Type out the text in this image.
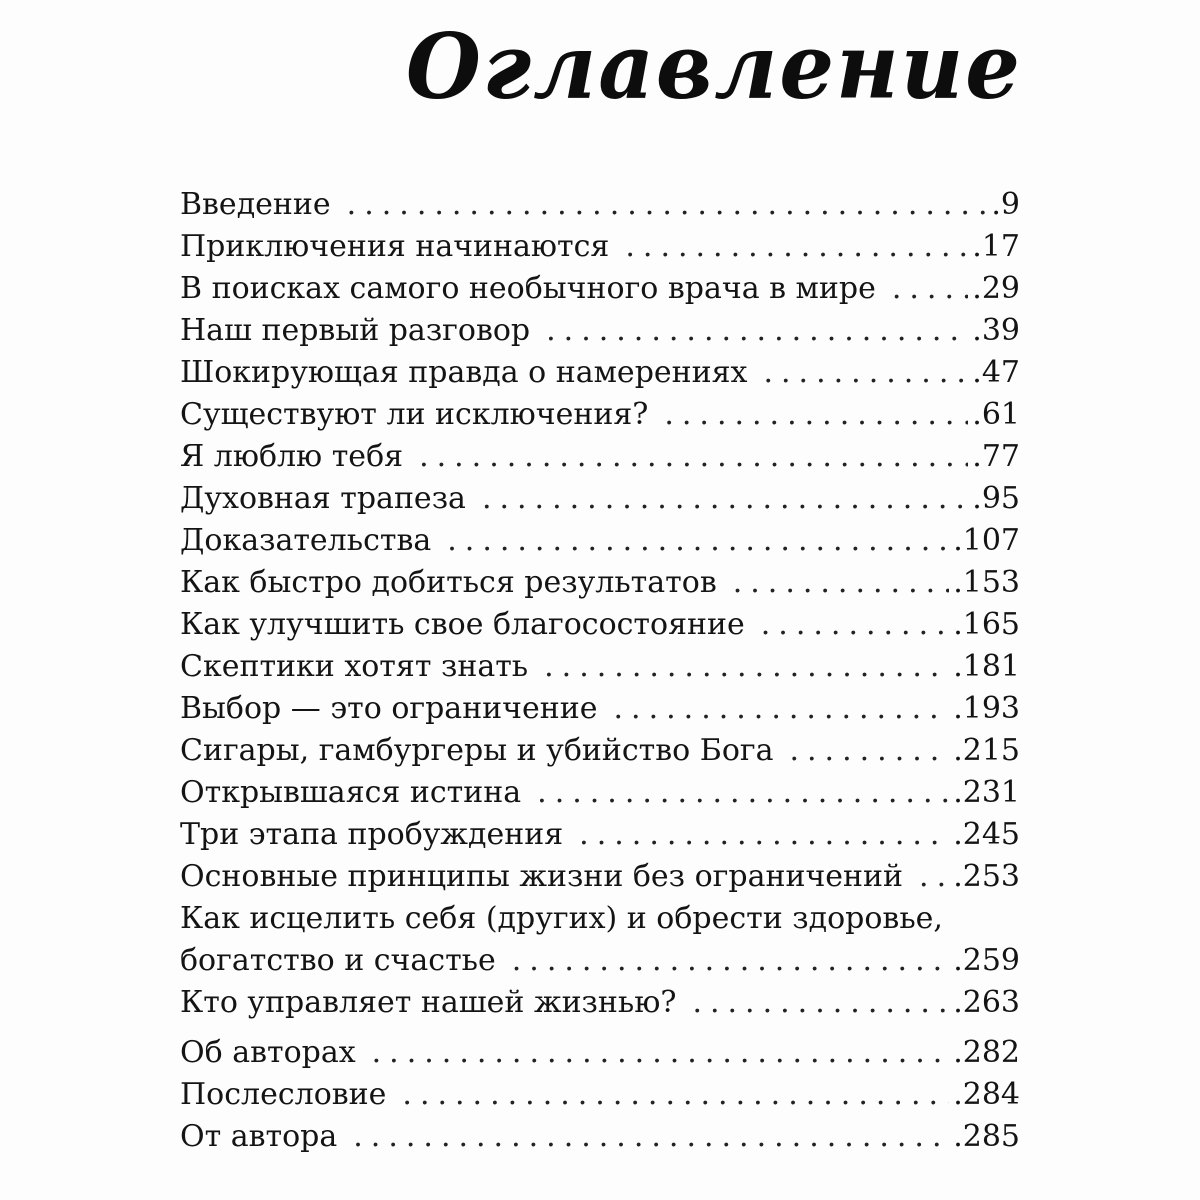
Оглавление
Введение .....	.9
Приключения начинаются .....	.17
В поисках самого необычного врача в мире .....	.29
Наш первый разговор .....	.39
Шокирующая правда о намерениях .....	.47
Существуют ли исключения? .....	.61
Я люблю тебя .....	.77
Духовная трапеза .....	.95
Доказательства .....	.107
Как быстро добиться результатов .....	.153
Как улучшить свое благосостояние .....	.165
Скептики хотят знать .....	.181
Выбор — это ограничение .....	.193
Сигары, гамбургеры и убийство Бога .....	.215
Открывшаяся истина .....	.231
Три этапа пробуждения .....	.245
Основные принципы жизни без ограничений ..... .253
Как исцелить себя (других) и обрести здоровье,
богатство и счастье .....	.259
Кто управляет нашей жизнью? .....	.263
Об авторах .....	.282
Послесловие .....	.284
От автора .....	.285
